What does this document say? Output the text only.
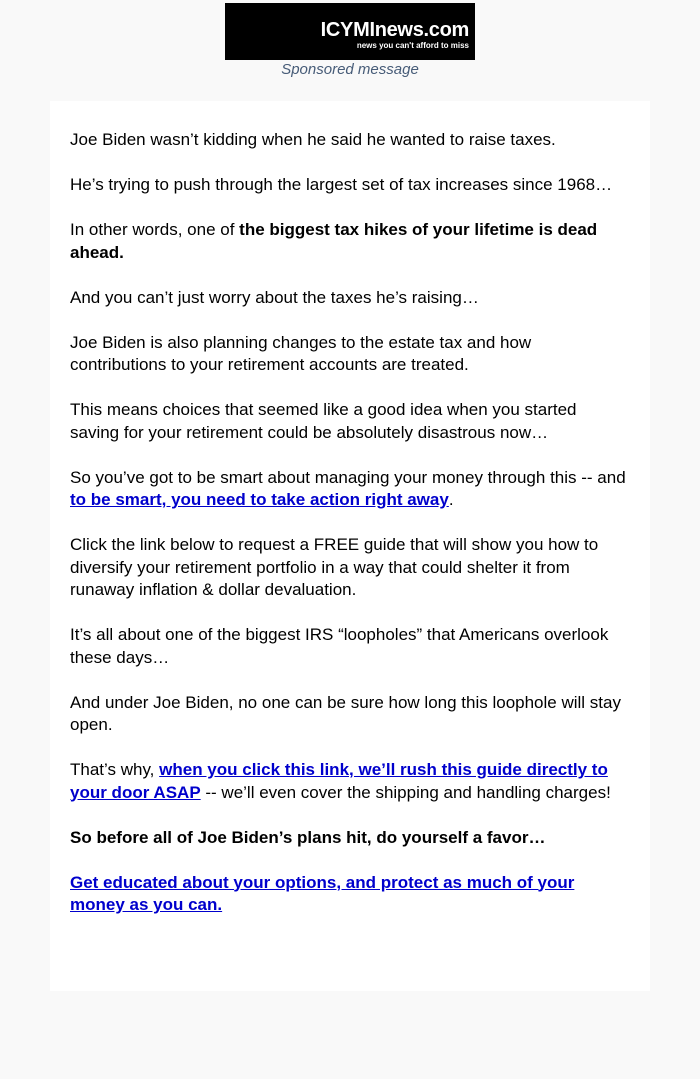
ICYMInews.com
news you can't afford to miss
Sponsored message

Joe Biden wasn’t kidding when he said he wanted to raise taxes.

He’s trying to push through the largest set of tax increases since 1968…

In other words, one of the biggest tax hikes of your lifetime is dead ahead.

And you can’t just worry about the taxes he’s raising…

Joe Biden is also planning changes to the estate tax and how contributions to your retirement accounts are treated.

This means choices that seemed like a good idea when you started saving for your retirement could be absolutely disastrous now…

So you’ve got to be smart about managing your money through this -- and to be smart, you need to take action right away.

Click the link below to request a FREE guide that will show you how to diversify your retirement portfolio in a way that could shelter it from runaway inflation & dollar devaluation.

It’s all about one of the biggest IRS “loopholes” that Americans overlook these days…

And under Joe Biden, no one can be sure how long this loophole will stay open.

That’s why, when you click this link, we’ll rush this guide directly to your door ASAP -- we’ll even cover the shipping and handling charges!

So before all of Joe Biden’s plans hit, do yourself a favor…

Get educated about your options, and protect as much of your money as you can.
